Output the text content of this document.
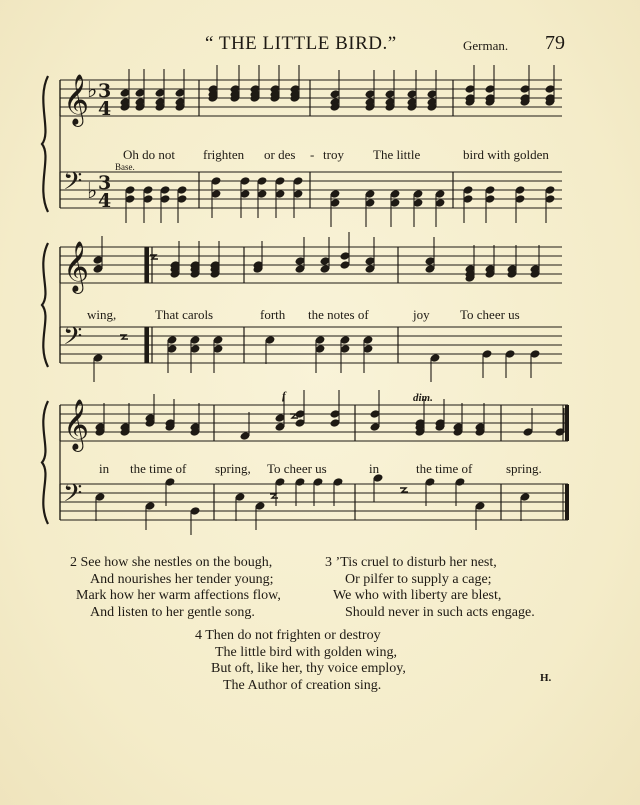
“ THE LITTLE BIRD.”	German. 79
𝄞
♭
𝄢 ♭
𝄞
𝄢
𝄞
𝄢
3
4
3
4
Oh do not frighten or des - troy The little	bird with golden
Base.
wing,	That carols	forth the notes of	joy To cheer us
in the time of spring, To cheer us	in	the time of	spring.
f	dim.
2 See how she nestles on the bough,
And nourishes her tender young;
Mark how her warm affections flow,
And listen to her gentle song.
3 ’Tis cruel to disturb her nest,
Or pilfer to supply a cage;
We who with liberty are blest,
Should never in such acts engage.
4 Then do not frighten or destroy
The little bird with golden wing,
But oft, like her, thy voice employ,
The Author of creation sing.	H.
